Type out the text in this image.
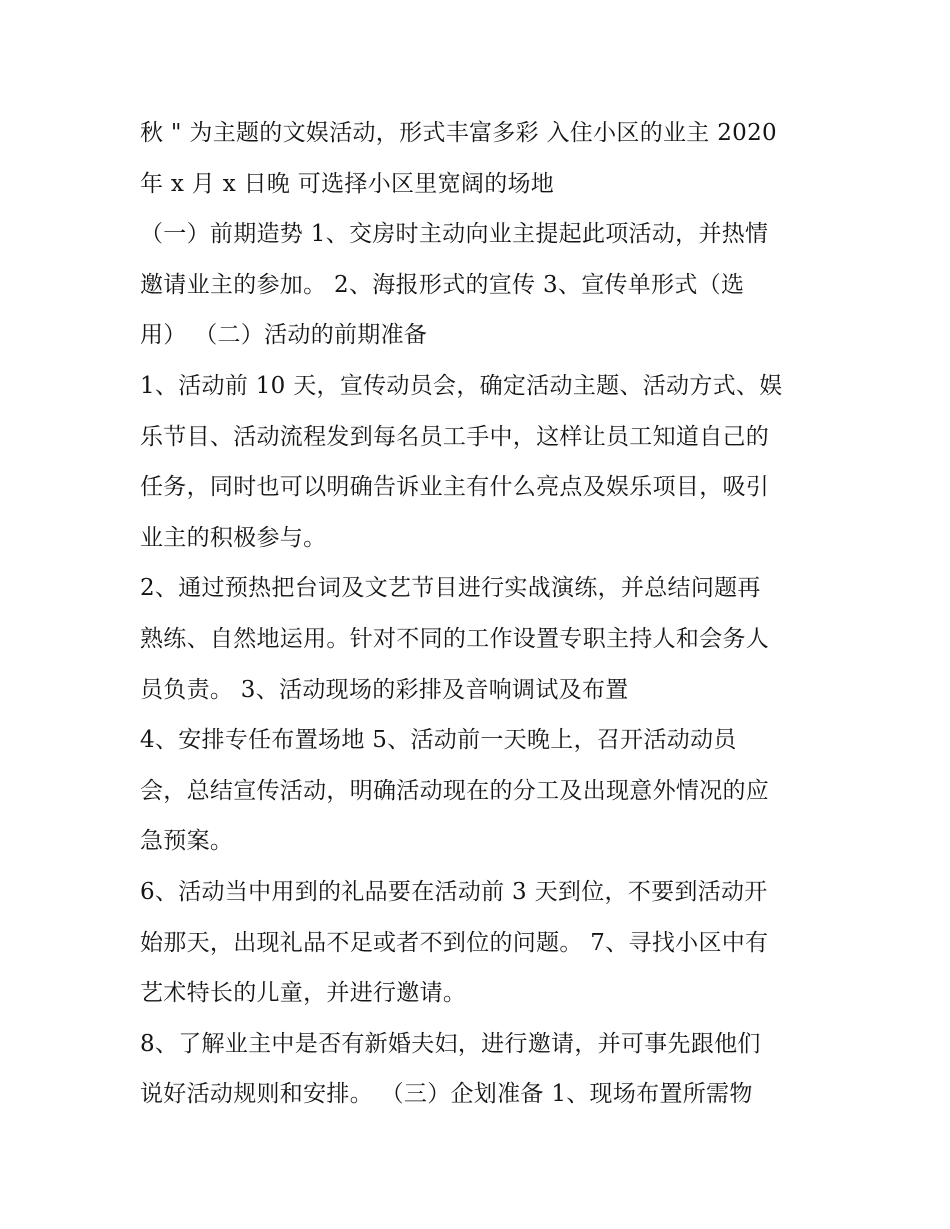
秋 " 为主题的文娱活动，形式丰富多彩 入住小区的业主 2020
年 x 月 x 日晚 可选择小区里宽阔的场地
（一）前期造势 1、交房时主动向业主提起此项活动，并热情
邀请业主的参加。 2、海报形式的宣传 3、宣传单形式（选
用） （二）活动的前期准备
1、活动前 10 天，宣传动员会，确定活动主题、活动方式、娱
乐节目、活动流程发到每名员工手中，这样让员工知道自己的
任务，同时也可以明确告诉业主有什么亮点及娱乐项目，吸引
业主的积极参与。
2、通过预热把台词及文艺节目进行实战演练，并总结问题再
熟练、自然地运用。针对不同的工作设置专职主持人和会务人
员负责。 3、活动现场的彩排及音响调试及布置
4、安排专任布置场地 5、活动前一天晚上，召开活动动员
会，总结宣传活动，明确活动现在的分工及出现意外情况的应
急预案。
6、活动当中用到的礼品要在活动前 3 天到位，不要到活动开
始那天，出现礼品不足或者不到位的问题。 7、寻找小区中有
艺术特长的儿童，并进行邀请。
8、了解业主中是否有新婚夫妇，进行邀请，并可事先跟他们
说好活动规则和安排。 （三）企划准备 1、现场布置所需物
